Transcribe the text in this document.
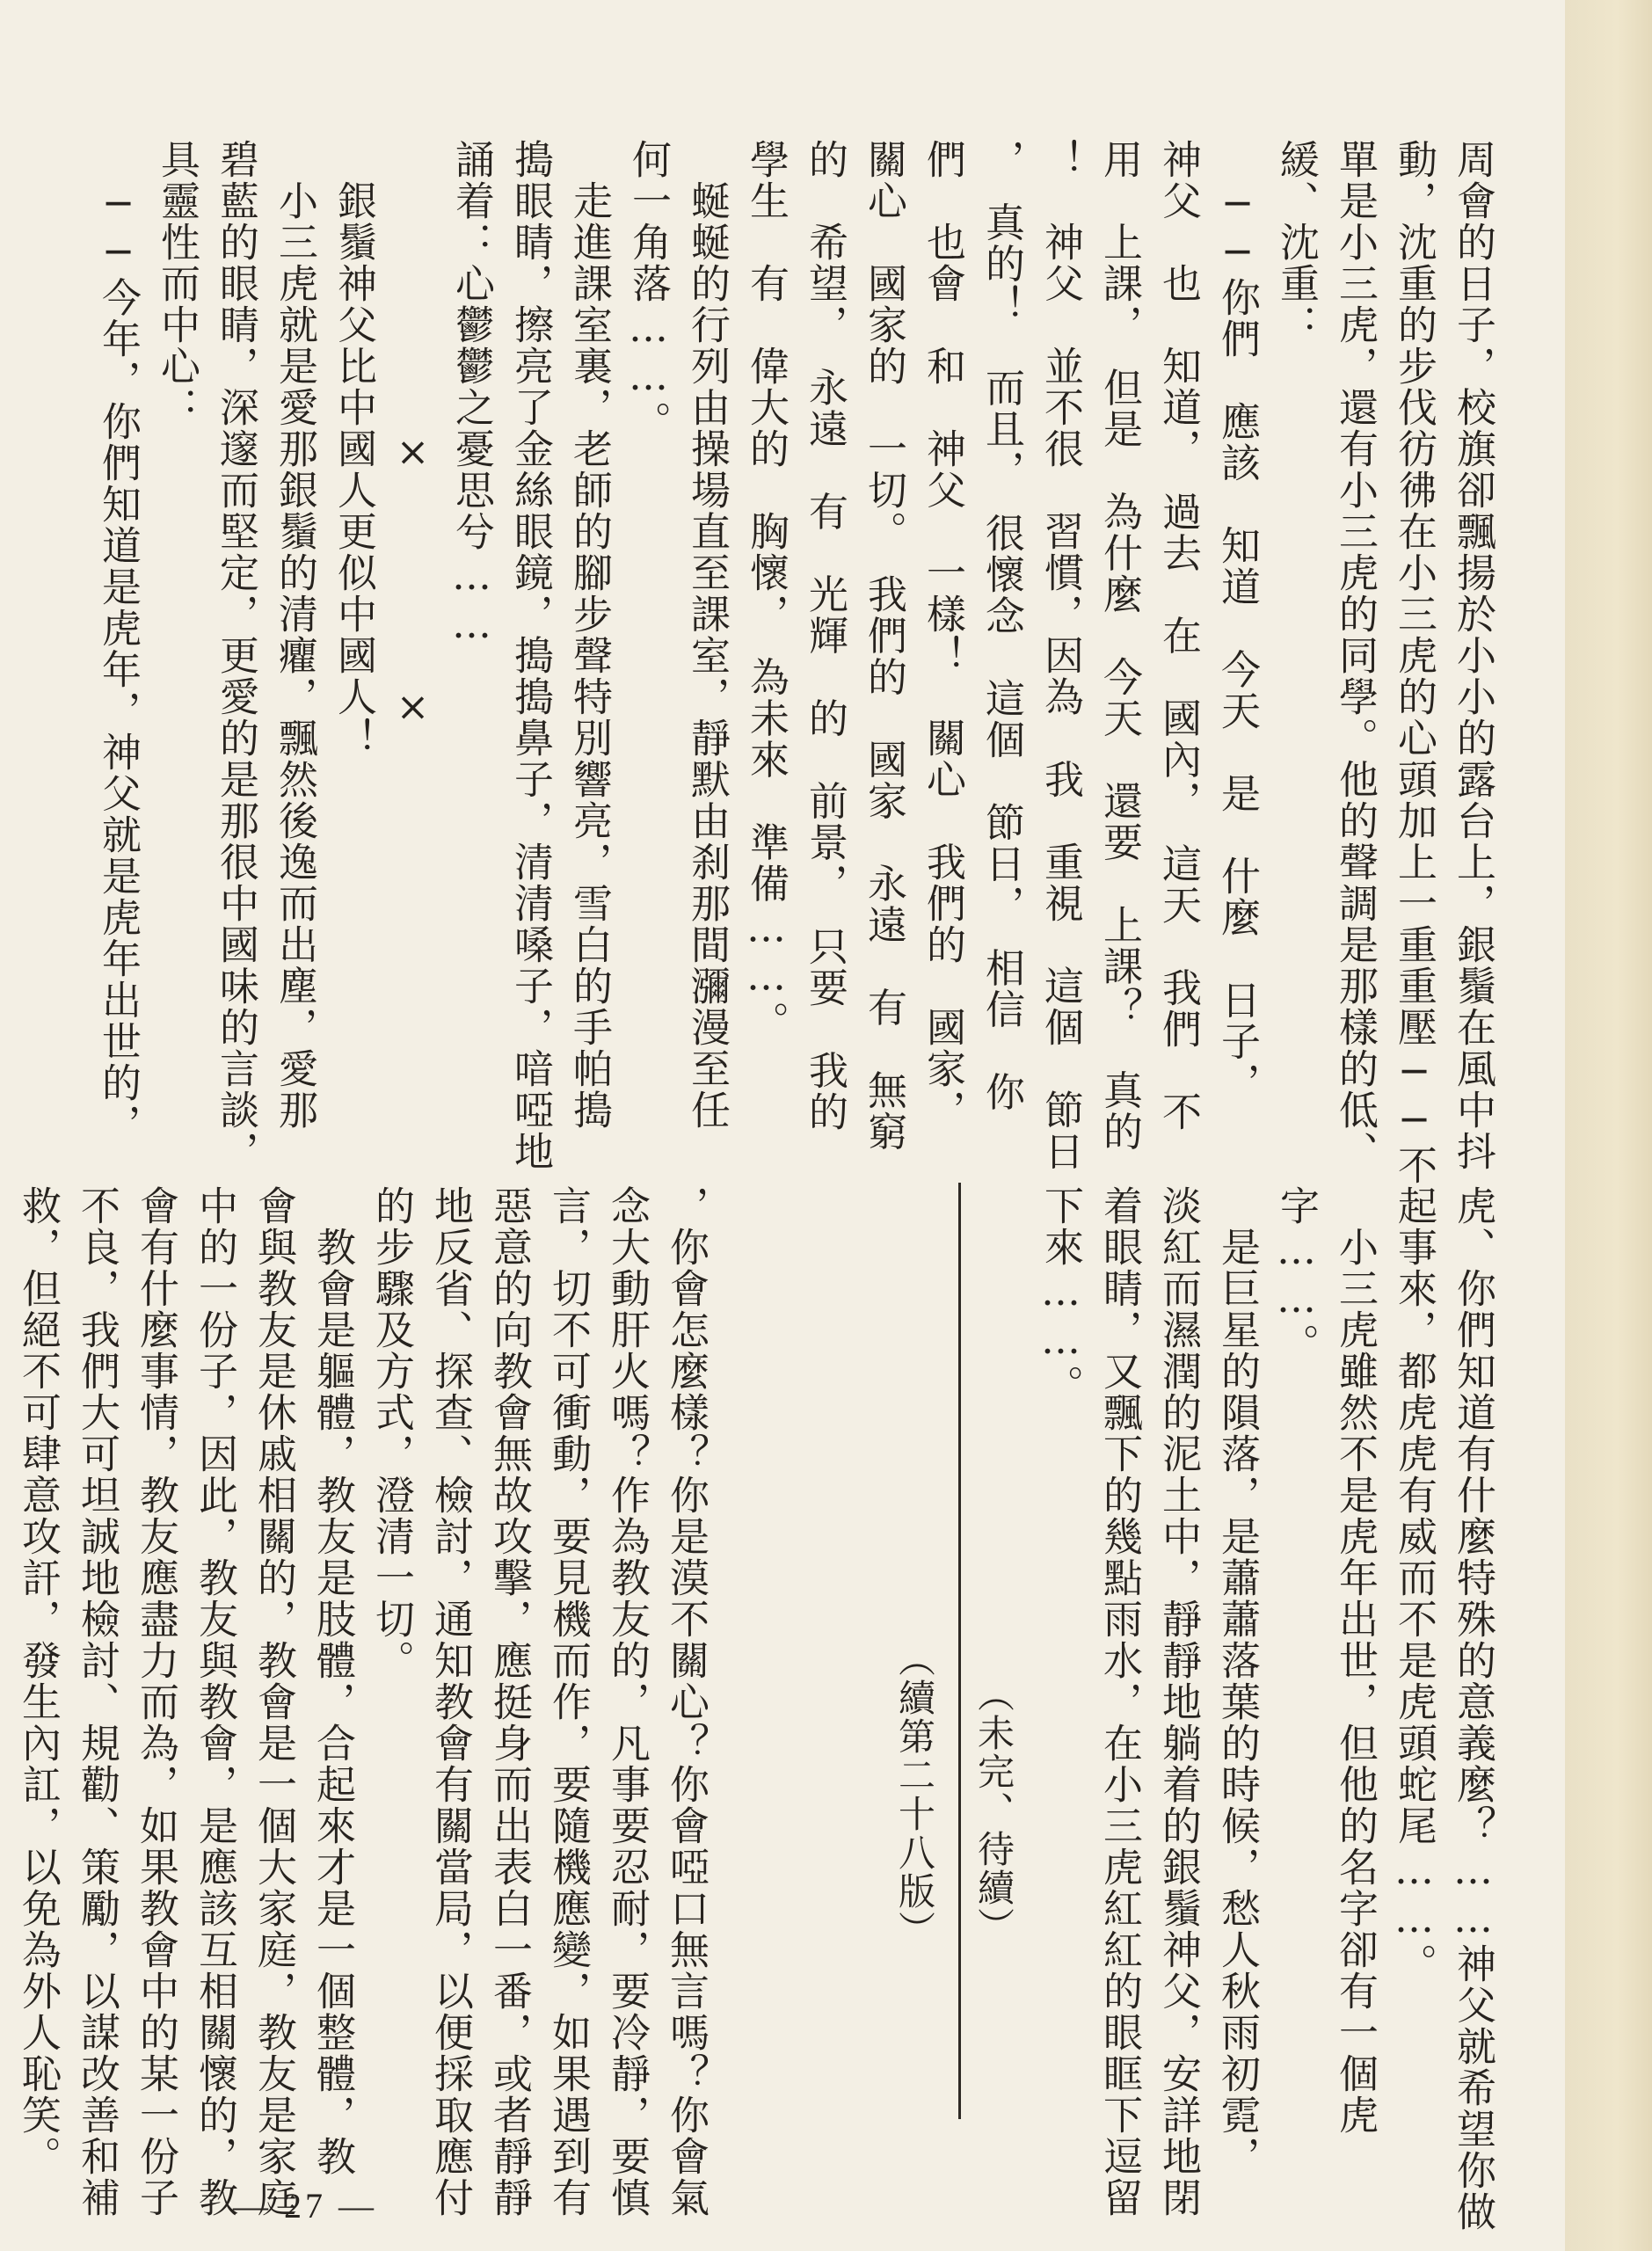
周會的日子，校旗卻飄揚於小小的露台上，銀鬚在風中抖

動，沈重的步伐彷彿在小三虎的心頭加上一重重壓──不

單是小三虎，還有小三虎的同學。他的聲調是那樣的低、

緩、沈重：

　──你們　應該　知道　今天　是　什麼　日子，

神父　也　知道，　過去　在　國內，　這天　我們　不

用　上課，　但是　為什麼　今天　還要　上課？　真的

！　神父　並不很　習慣，因為　我　重視　這個　節日

，　真的！　而且，　很懷念　這個　節日，　相信　你

們　也會　和　神父　一樣！　關心　我們的　國家，

關心　國家的　一切。　我們的　國家　永遠　有　無窮

的　希望，　永遠　有　光輝　的　前景，　只要　我的

學生　有　偉大的　胸懷，　為未來　準備……。

　蜒蜒的行列由操場直至課室，靜默由刹那間瀰漫至任

何一角落……。

　走進課室裏，老師的腳步聲特別響亮，雪白的手帕搗

搗眼睛，擦亮了金絲眼鏡，搗搗鼻子，清清嗓子，喑啞地

誦着：心鬱鬱之憂思兮……

　　　　　　　×　　　　　×

　銀鬚神父比中國人更似中國人！

　小三虎就是愛那銀鬚的清癯，飄然後逸而出塵，愛那

碧藍的眼睛，深邃而堅定，更愛的是那很中國味的言談，

具靈性而中心：

　──今年，你們知道是虎年，神父就是虎年出世的，

虎、你們知道有什麼特殊的意義麼？……神父就希望你做

起事來，都虎虎有威而不是虎頭蛇尾……。

　小三虎雖然不是虎年出世，但他的名字卻有一個虎

字……。

　是巨星的隕落，是蕭蕭落葉的時候，愁人秋雨初霓，

淡紅而濕潤的泥土中，靜靜地躺着的銀鬚神父，安詳地閉

着眼睛，又飄下的幾點雨水，在小三虎紅紅的眼眶下逗留

下來……。

（未完、待續）

，你會怎麼樣？你是漠不關心？你會啞口無言嗎？你會氣

念大動肝火嗎？作為教友的，凡事要忍耐，要冷靜，要慎

言，切不可衝動，要見機而作，要隨機應變，如果遇到有

惡意的向教會無故攻擊，應挺身而出表白一番，或者靜靜

地反省、探查、檢討，通知教會有關當局，以便採取應付

的步驟及方式，澄清一切。

　教會是軀體，教友是肢體，合起來才是一個整體，教

會與教友是休戚相關的，教會是一個大家庭，教友是家庭

中的一份子，因此，教友與教會，是應該互相關懷的，教

會有什麼事情，教友應盡力而為，如果教會中的某一份子

不良，我們大可坦誠地檢討、規勸、策勵，以謀改善和補

救，但絕不可肆意攻訐，發生內訌，以免為外人恥笑。	（續第二十八版）
— 27 —
